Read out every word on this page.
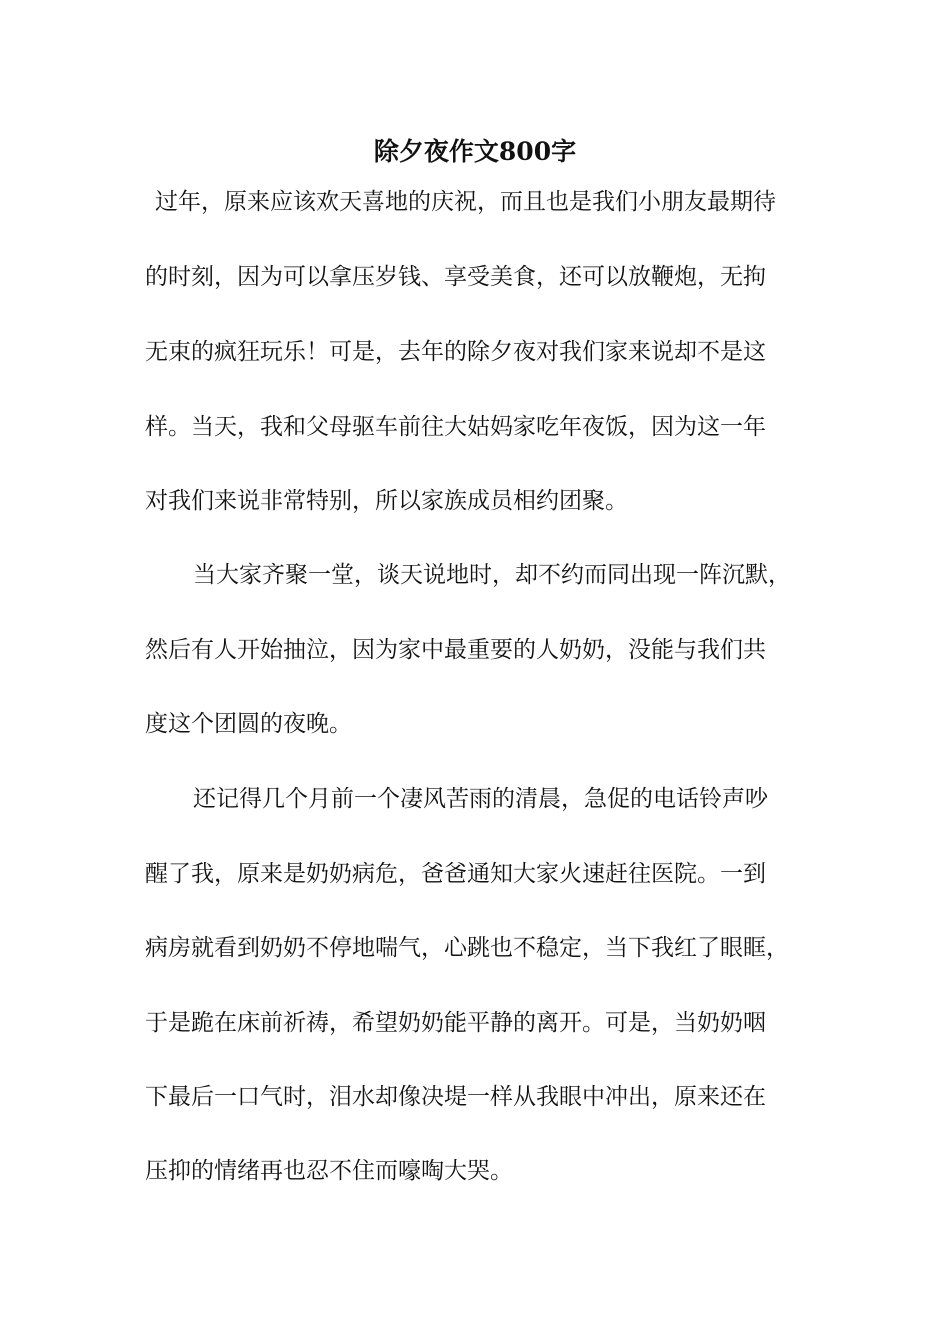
除夕夜作文800字

过年，原来应该欢天喜地的庆祝，而且也是我们小朋友最期待

的时刻，因为可以拿压岁钱、享受美食，还可以放鞭炮，无拘

无束的疯狂玩乐！可是，去年的除夕夜对我们家来说却不是这

样。当天，我和父母驱车前往大姑妈家吃年夜饭，因为这一年

对我们来说非常特别，所以家族成员相约团聚。

当大家齐聚一堂，谈天说地时，却不约而同出现一阵沉默，

然后有人开始抽泣，因为家中最重要的人奶奶，没能与我们共

度这个团圆的夜晚。

还记得几个月前一个凄风苦雨的清晨，急促的电话铃声吵

醒了我，原来是奶奶病危，爸爸通知大家火速赶往医院。一到

病房就看到奶奶不停地喘气，心跳也不稳定，当下我红了眼眶，

于是跪在床前祈祷，希望奶奶能平静的离开。可是，当奶奶咽

下最后一口气时，泪水却像决堤一样从我眼中冲出，原来还在

压抑的情绪再也忍不住而嚎啕大哭。
